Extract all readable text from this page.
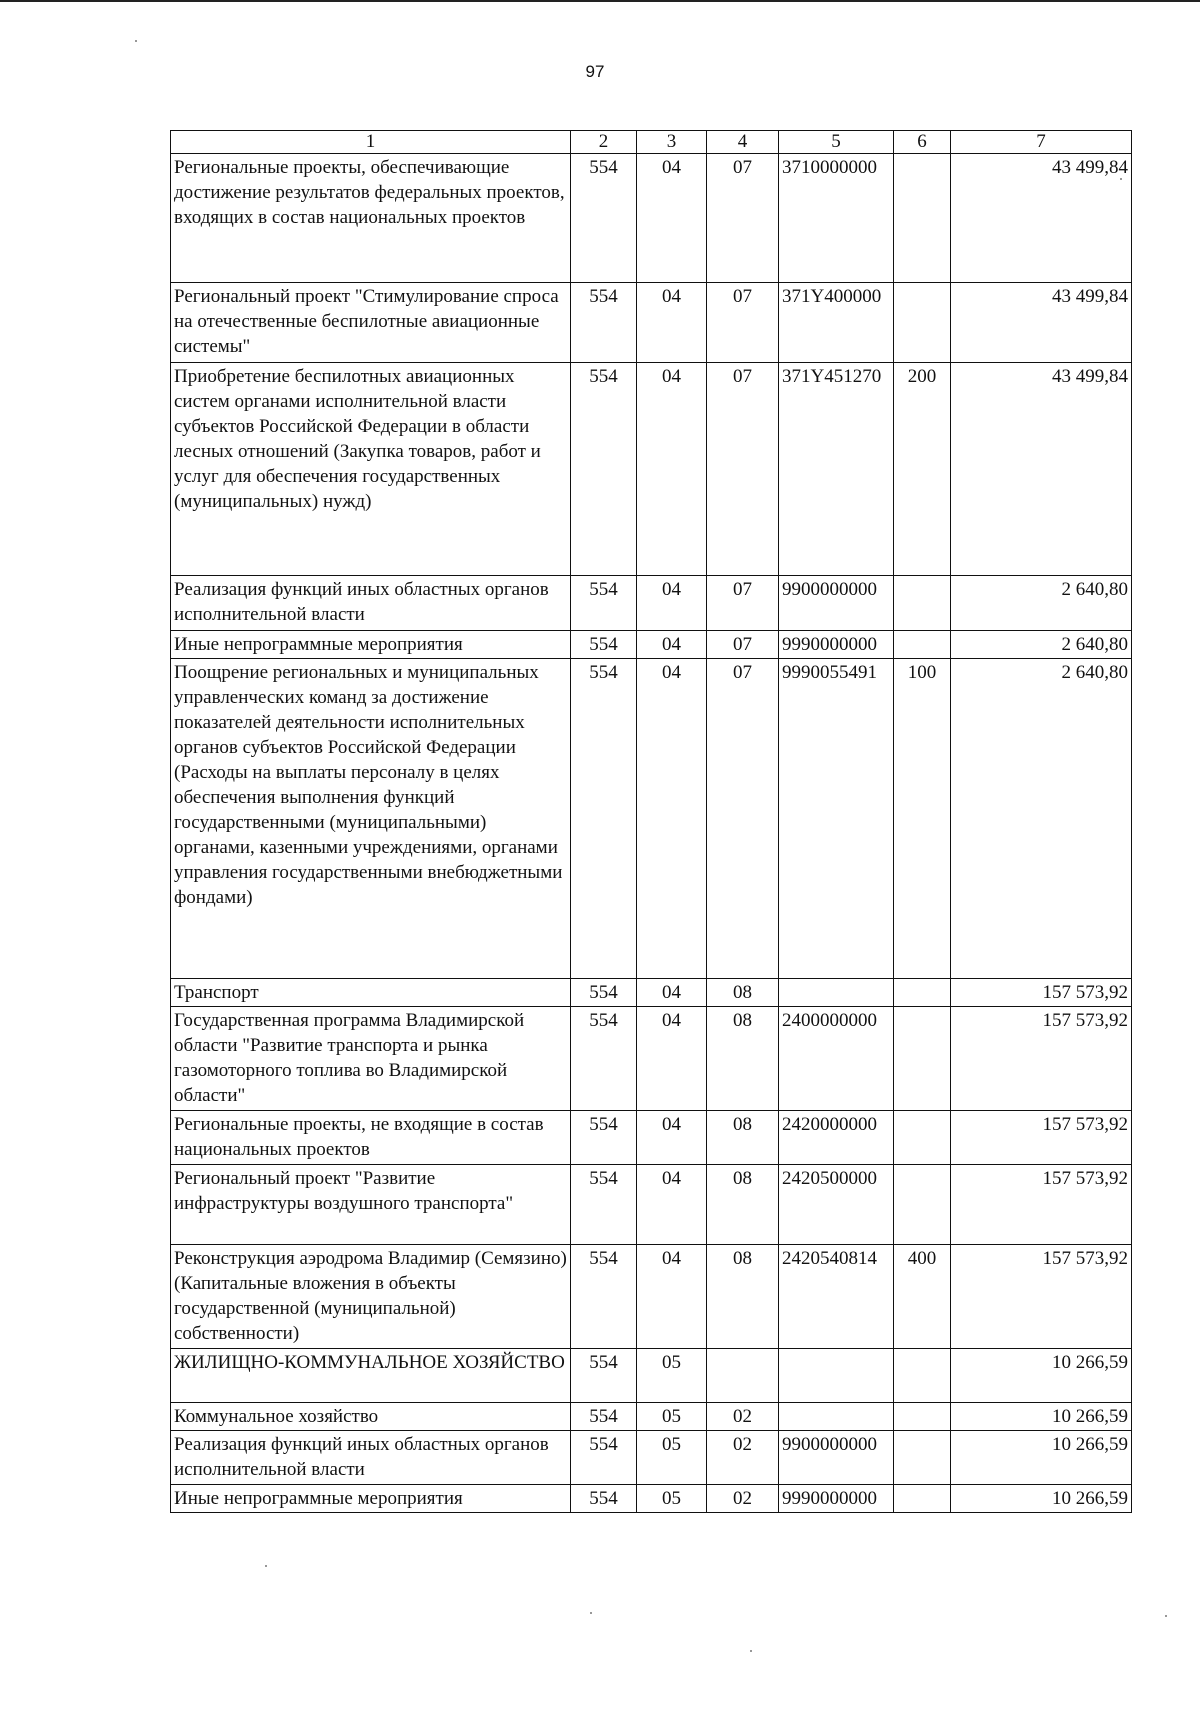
97
1	2	3	4	5	6	7
Региональные проекты, обеспечивающие достижение результатов федеральных проектов, входящих в состав национальных проектов	554	04	07	3710000000		43 499,84
Региональный проект "Стимулирование спроса на отечественные беспилотные авиационные системы"	554	04	07	371Y400000		43 499,84
Приобретение беспилотных авиационных систем органами исполнительной власти субъектов Российской Федерации в области лесных отношений (Закупка товаров, работ и услуг для обеспечения государственных (муниципальных) нужд)	554	04	07	371Y451270	200	43 499,84
Реализация функций иных областных органов исполнительной власти	554	04	07	9900000000		2 640,80
Иные непрограммные мероприятия	554	04	07	9990000000		2 640,80
Поощрение региональных и муниципальных управленческих команд за достижение показателей деятельности исполнительных органов субъектов Российской Федерации (Расходы на выплаты персоналу в целях обеспечения выполнения функций государственными (муниципальными) органами, казенными учреждениями, органами управления государственными внебюджетными фондами)	554	04	07	9990055491	100	2 640,80
Транспорт	554	04	08			157 573,92
Государственная программа Владимирской области "Развитие транспорта и рынка газомоторного топлива во Владимирской области"	554	04	08	2400000000		157 573,92
Региональные проекты, не входящие в состав национальных проектов	554	04	08	2420000000		157 573,92
Региональный проект "Развитие инфраструктуры воздушного транспорта"	554	04	08	2420500000		157 573,92
Реконструкция аэродрома Владимир (Семязино) (Капитальные вложения в объекты государственной (муниципальной) собственности)	554	04	08	2420540814	400	157 573,92
ЖИЛИЩНО-КОММУНАЛЬНОЕ ХОЗЯЙСТВО	554	05				10 266,59
Коммунальное хозяйство	554	05	02			10 266,59
Реализация функций иных областных органов исполнительной власти	554	05	02	9900000000		10 266,59
Иные непрограммные мероприятия	554	05	02	9990000000		10 266,59
